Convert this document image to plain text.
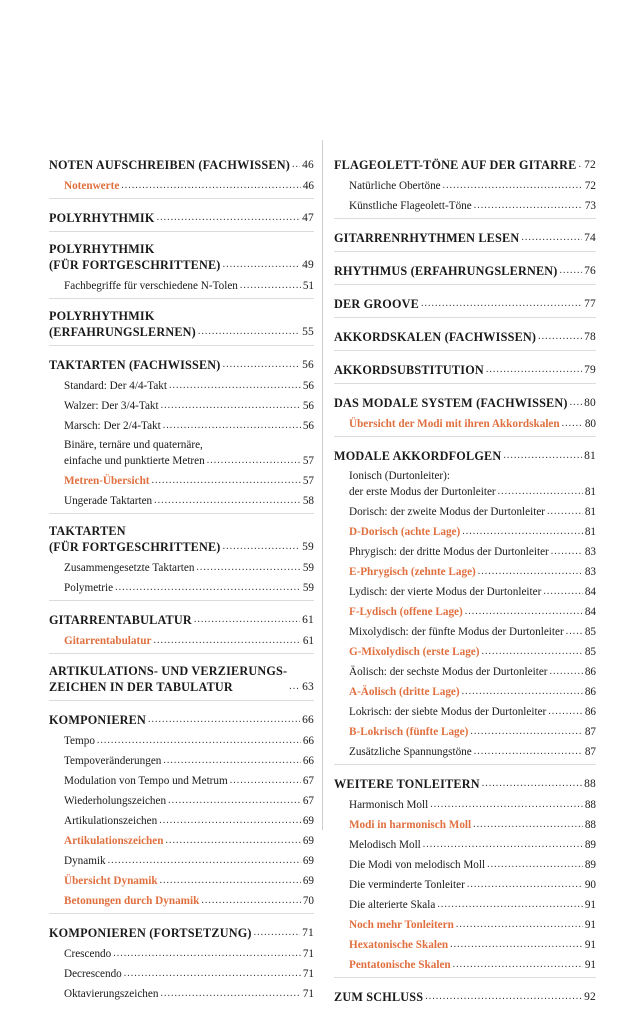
NOTEN AUFSCHREIBEN (FACHWISSEN) ..... 46
Notenwerte .....	46
POLYRHYTHMIK .....	47
POLYRHYTHMIK
(FÜR FORTGESCHRITTENE) .....	49
Fachbegriffe für verschiedene N-Tolen .....	51
POLYRHYTHMIK
(ERFAHRUNGSLERNEN) .....	55
TAKTARTEN (FACHWISSEN) .....	56
Standard: Der 4/4-Takt .....	56
Walzer: Der 3/4-Takt .....	56
Marsch: Der 2/4-Takt .....	56
Binäre, ternäre und quaternäre,
einfache und punktierte Metren .....	57
Metren-Übersicht .....	57
Ungerade Taktarten .....	58
TAKTARTEN
(FÜR FORTGESCHRITTENE) .....	59
Zusammengesetzte Taktarten .....	59
Polymetrie .....	59
GITARRENTABULATUR .....	61
Gitarrentabulatur .....	61
ARTIKULATIONS- UND VERZIERUNGS-
ZEICHEN IN DER TABULATUR .....	63
KOMPONIEREN .....	66
Tempo .....	66
Tempoveränderungen .....	66
Modulation von Tempo und Metrum .....	67
Wiederholungszeichen .....	67
Artikulationszeichen .....	69
Artikulationszeichen .....	69
Dynamik .....	69
Übersicht Dynamik .....	69
Betonungen durch Dynamik .....	70
KOMPONIEREN (FORTSETZUNG) .....	71
Crescendo .....	71
Decrescendo .....	71
Oktavierungszeichen .....	71
FLAGEOLETT-TÖNE AUF DER GITARRE ..... 72
Natürliche Obertöne .....	72
Künstliche Flageolett-Töne .....	73
GITARRENRHYTHMEN LESEN .....	74
RHYTHMUS (ERFAHRUNGSLERNEN) ..... 76
DER GROOVE .....	77
AKKORDSKALEN (FACHWISSEN) .....	78
AKKORDSUBSTITUTION .....	79
DAS MODALE SYSTEM (FACHWISSEN) ..... 80
Übersicht der Modi mit ihren Akkordskalen ..... 80
MODALE AKKORDFOLGEN .....	81
Ionisch (Durtonleiter):
der erste Modus der Durtonleiter .....	81
Dorisch: der zweite Modus der Durtonleiter .....	81
D-Dorisch (achte Lage) .....	81
Phrygisch: der dritte Modus der Durtonleiter .....	83
E-Phrygisch (zehnte Lage) .....	83
Lydisch: der vierte Modus der Durtonleiter .....	84
F-Lydisch (offene Lage) .....	84
Mixolydisch: der fünfte Modus der Durtonleiter ..... 85
G-Mixolydisch (erste Lage) .....	85
Äolisch: der sechste Modus der Durtonleiter .....	86
A-Äolisch (dritte Lage) .....	86
Lokrisch: der siebte Modus der Durtonleiter .....	86
B-Lokrisch (fünfte Lage) .....	87
Zusätzliche Spannungstöne .....	87
WEITERE TONLEITERN .....	88
Harmonisch Moll .....	88
Modi in harmonisch Moll .....	88
Melodisch Moll .....	89
Die Modi von melodisch Moll .....	89
Die verminderte Tonleiter .....	90
Die alterierte Skala .....	91
Noch mehr Tonleitern .....	91
Hexatonische Skalen .....	91
Pentatonische Skalen .....	91
ZUM SCHLUSS .....	92
